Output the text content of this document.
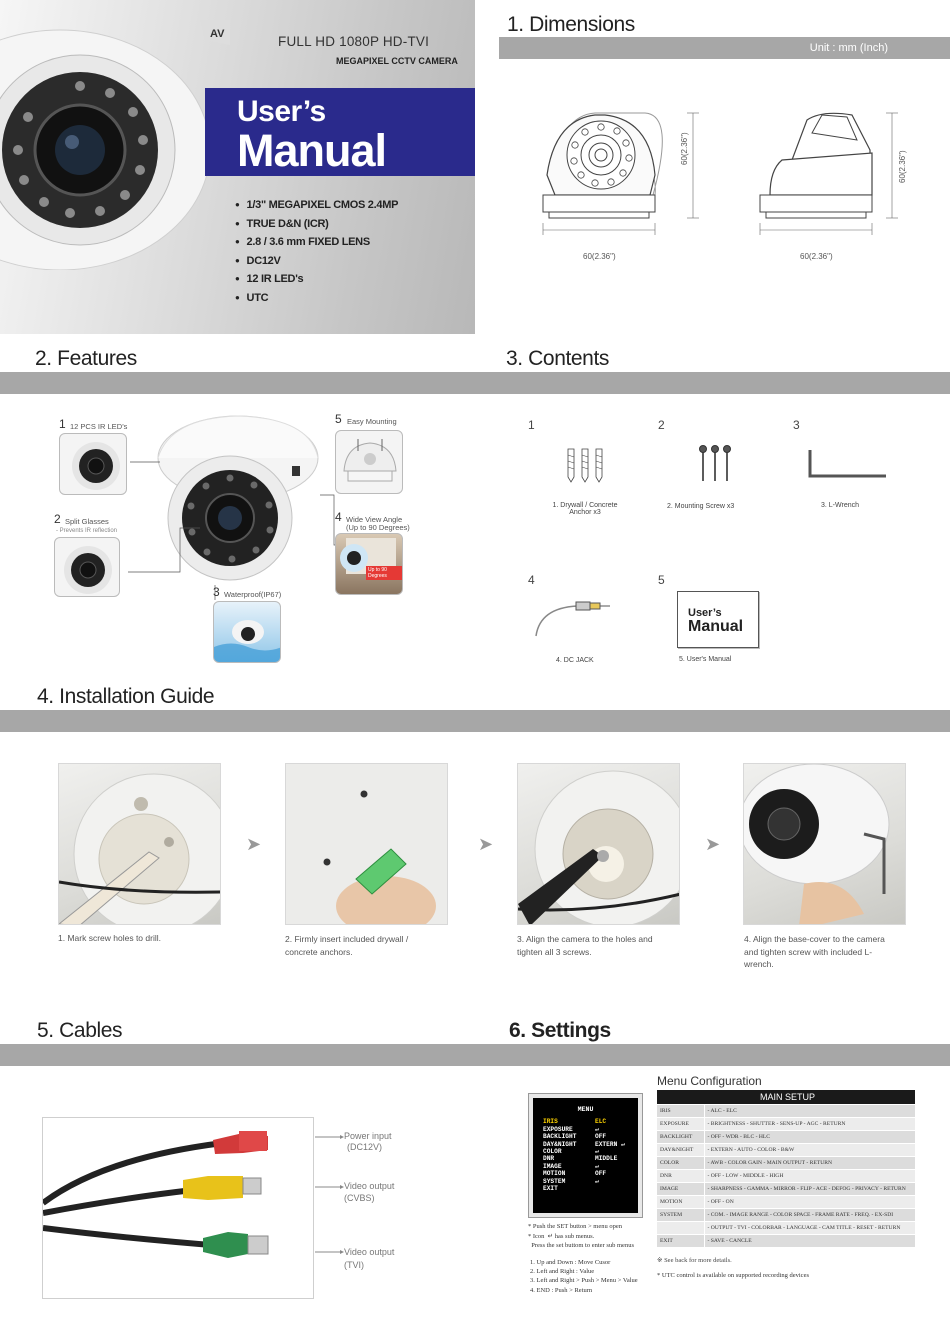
AV	FULL HD 1080P HD-TVI
MEGAPIXEL CCTV CAMERA
User’s
Manual
● 1/3" MEGAPIXEL CMOS 2.4MP
● TRUE D&N (ICR)
● 2.8 / 3.6 mm FIXED LENS
● DC12V
● 12 IR LED's
● UTC
1. Dimensions
Unit : mm (Inch)
60(2.36")
60(2.36")
60(2.36")
60(2.36")
2. Features	3. Contents
1 12 PCS IR LED’s
2 Split Glasses
- Prevents IR reflection
3 Waterproof(IP67)
5 Easy Mounting
4 Wide View Angle
(Up to 90 Degrees)
Up to 90 Degrees
1	2	3
1. Drywall / Concrete Anchor x3
2. Mounting Screw x3	3. L-Wrench
4	5
4. DC JACK
User’s
Manual
5. User's Manual
4. Installation Guide
➤	➤	➤
1. Mark screw holes to drill.	2. Firmly insert included drywall / concrete anchors.
3. Align the camera to the holes and tighten all 3 screws.
4. Align the base-cover to the camera and tighten screw with included L-wrench.
5. Cables	6. Settings
Power input
(DC12V)
Video output
(CVBS)
Video output
(TVI)
MENU
IRIS	ELC
EXPOSURE	↵
BACKLIGHT	OFF
DAY&NIGHT	EXTERN ↵
COLOR	↵
DNR	MIDDLE
IMAGE	↵
MOTION	OFF
SYSTEM	↵
EXIT
* Push the SET button > menu open
* Icon  ↵ has sub menus.
Press the set buttom to enter sub menus
1. Up and Down : Move Cusor
2. Left and Right : Value
3. Left and Right > Push > Menu > Value
4. END : Push > Return
Menu Configuration
MAIN SETUP	
IRIS	- ALC - ELC
EXPOSURE	- BRIGHTNESS - SHUTTER - SENS-UP - AGC - RETURN
BACKLIGHT	- OFF - WDR - BLC - HLC
DAY&NIGHT	- EXTERN - AUTO - COLOR - B&W
COLOR	- AWB - COLOR GAIN - MAIN OUTPUT - RETURN
DNR	- OFF - LOW - MIDDLE - HIGH
IMAGE	- SHARPNESS - GAMMA - MIRROR - FLIP - ACE - DEFOG - PRIVACY - RETURN
MOTION	- OFF - ON
SYSTEM	- COM. - IMAGE RANGE - COLOR SPACE - FRAME RATE - FREQ. - EX-SDI
	- OUTPUT - TVI - COLORBAR - LANGUAGE - CAM TITLE - RESET - RETURN
EXIT	- SAVE - CANCLE
※ See back for more details.
* UTC control is available on supported recording devices
